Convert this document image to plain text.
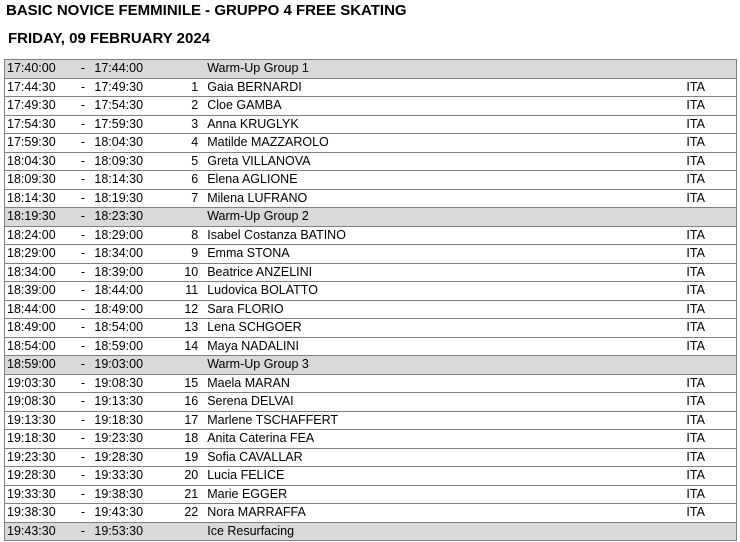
BASIC NOVICE FEMMINILE - GRUPPO 4 FREE SKATING
FRIDAY, 09 FEBRUARY 2024
17:40:00	-	17:44:00		Warm-Up Group 1	
17:44:30	-	17:49:30	1	Gaia BERNARDI	ITA
17:49:30	-	17:54:30	2	Cloe GAMBA	ITA
17:54:30	-	17:59:30	3	Anna KRUGLYK	ITA
17:59:30	-	18:04:30	4	Matilde MAZZAROLO	ITA
18:04:30	-	18:09:30	5	Greta VILLANOVA	ITA
18:09:30	-	18:14:30	6	Elena AGLIONE	ITA
18:14:30	-	18:19:30	7	Milena LUFRANO	ITA
18:19:30	-	18:23:30		Warm-Up Group 2	
18:24:00	-	18:29:00	8	Isabel Costanza BATINO	ITA
18:29:00	-	18:34:00	9	Emma STONA	ITA
18:34:00	-	18:39:00	10	Beatrice ANZELINI	ITA
18:39:00	-	18:44:00	11	Ludovica BOLATTO	ITA
18:44:00	-	18:49:00	12	Sara FLORIO	ITA
18:49:00	-	18:54:00	13	Lena SCHGOER	ITA
18:54:00	-	18:59:00	14	Maya NADALINI	ITA
18:59:00	-	19:03:00		Warm-Up Group 3	
19:03:30	-	19:08:30	15	Maela MARAN	ITA
19:08:30	-	19:13:30	16	Serena DELVAI	ITA
19:13:30	-	19:18:30	17	Marlene TSCHAFFERT	ITA
19:18:30	-	19:23:30	18	Anita Caterina FEA	ITA
19:23:30	-	19:28:30	19	Sofia CAVALLAR	ITA
19:28:30	-	19:33:30	20	Lucia FELICE	ITA
19:33:30	-	19:38:30	21	Marie EGGER	ITA
19:38:30	-	19:43:30	22	Nora MARRAFFA	ITA
19:43:30	-	19:53:30		Ice Resurfacing	
